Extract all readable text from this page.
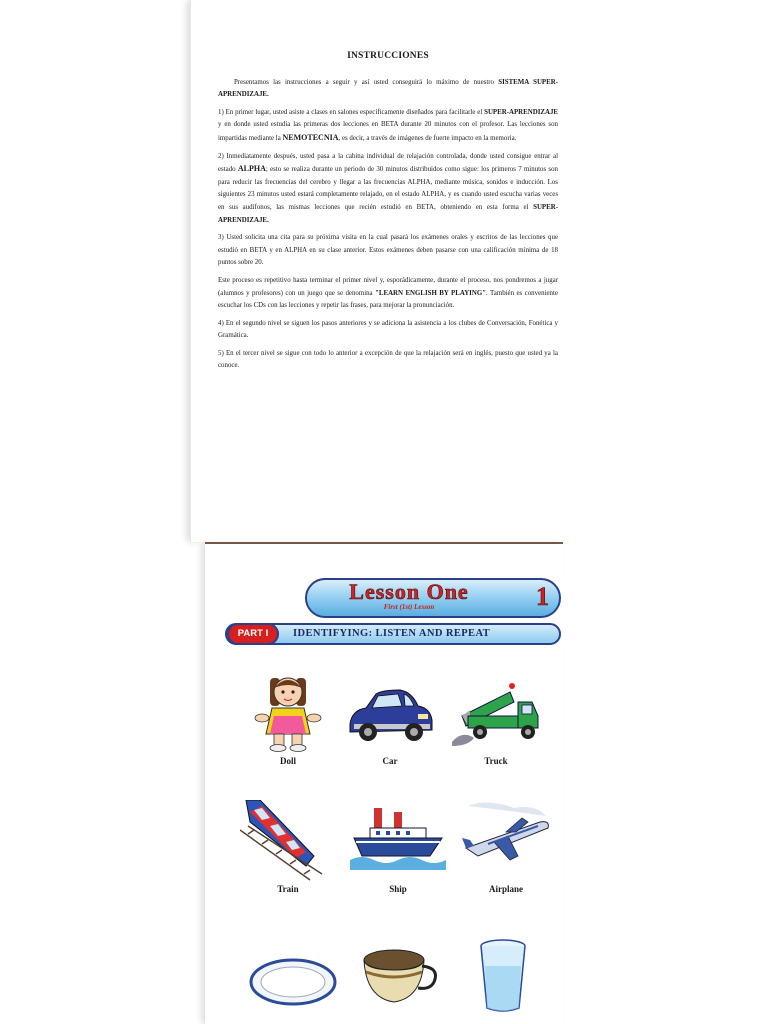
INSTRUCCIONES

Presentamos las instrucciones a seguir y así usted conseguirá lo máximo de nuestro SISTEMA SUPER-APRENDIZAJE.

1) En primer lugar, usted asiste a clases en salones específicamente diseñados para facilitarle el SUPER-APRENDIZAJE y en donde usted estudia las primeras dos lecciones en BETA durante 20 minutos con el profesor. Las lecciones son impartidas mediante la NEMOTECNIA, es decir, a través de imágenes de fuerte impacto en la memoria.

2) Inmediatamente después, usted pasa a la cabina individual de relajación controlada, donde usted consigue entrar al estado ALPHA; esto se realiza durante un periodo de 30 minutos distribuidos como sigue: los primeros 7 minutos son para reducir las frecuencias del cerebro y llegar a las frecuencias ALPHA, mediante música, sonidos e inducción. Los siguientes 23 minutos usted estará completamente relajado, en el estado ALPHA, y es cuando usted escucha varias veces en sus audífonos, las mismas lecciones que recién estudió en BETA, obteniendo en esta forma el SUPER-APRENDIZAJE.

3) Usted solicita una cita para su próxima visita en la cual pasará los exámenes orales y escritos de las lecciones que estudió en BETA y en ALPHA en su clase anterior. Estos exámenes deben pasarse con una calificación mínima de 18 puntos sobre 20.

Este proceso es repetitivo hasta terminar el primer nivel y, esporádicamente, durante el proceso, nos pondremos a jugar (alumnos y profesores) con un juego que se denomina "LEARN ENGLISH BY PLAYING". También es conveniente escuchar los CDs con las lecciones y repetir las frases, para mejorar la pronunciación.

4) En el segundo nivel se siguen los pasos anteriores y se adiciona la asistencia a los clubes de Conversación, Fonética y Gramática.

5) En el tercer nivel se sigue con todo lo anterior a excepción de que la relajación será en inglés, puesto que usted ya la conoce.

Lesson One
First (1st) Lesson	1
PART I	IDENTIFYING: LISTEN AND REPEAT
Doll	Car	Truck
Train	Ship	Airplane
